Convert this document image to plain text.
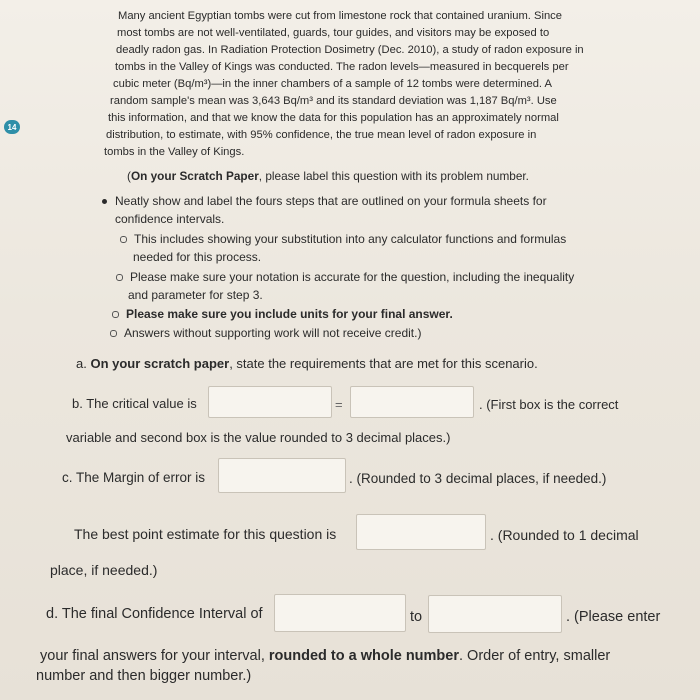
14
Many ancient Egyptian tombs were cut from limestone rock that contained uranium. Since
most tombs are not well-ventilated, guards, tour guides, and visitors may be exposed to
deadly radon gas. In Radiation Protection Dosimetry (Dec. 2010), a study of radon exposure in
tombs in the Valley of Kings was conducted. The radon levels—measured in becquerels per
cubic meter (Bq/m³)—in the inner chambers of a sample of 12 tombs were determined. A
random sample's mean was 3,643 Bq/m³ and its standard deviation was 1,187 Bq/m³. Use
this information, and that we know the data for this population has an approximately normal
distribution, to estimate, with 95% confidence, the true mean level of radon exposure in
tombs in the Valley of Kings.
(On your Scratch Paper, please label this question with its problem number.
Neatly show and label the fours steps that are outlined on your formula sheets for
confidence intervals.
This includes showing your substitution into any calculator functions and formulas
needed for this process.
Please make sure your notation is accurate for the question, including the inequality
and parameter for step 3.
Please make sure you include units for your final answer.
Answers without supporting work will not receive credit.)
a. On your scratch paper, state the requirements that are met for this scenario.
b. The critical value is	=	. (First box is the correct
variable and second box is the value rounded to 3 decimal places.)
c. The Margin of error is	. (Rounded to 3 decimal places, if needed.)
The best point estimate for this question is	. (Rounded to 1 decimal
place, if needed.)
d. The final Confidence Interval of	to	. (Please enter
your final answers for your interval, rounded to a whole number. Order of entry, smaller
number and then bigger number.)
